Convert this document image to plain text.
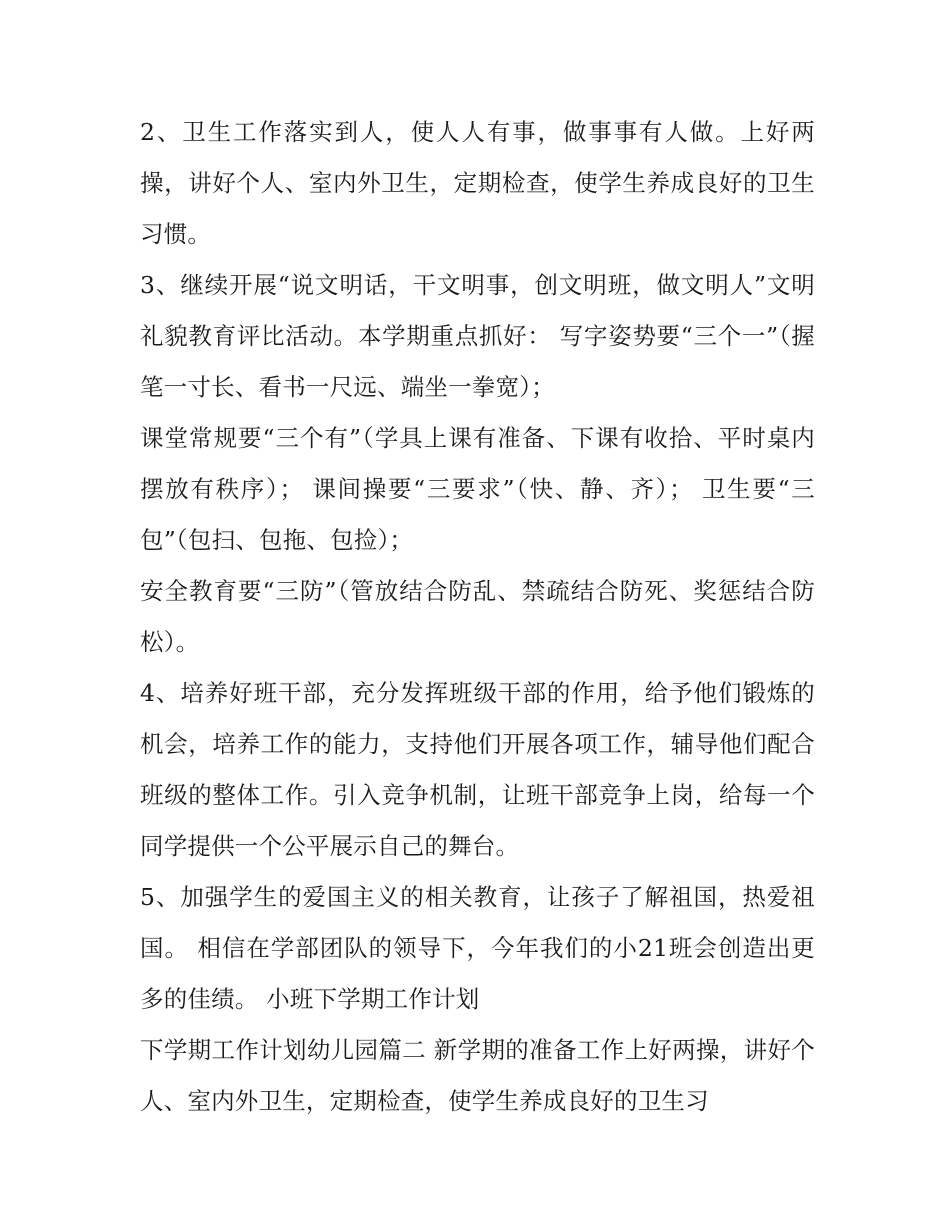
2、卫生工作落实到人，使人人有事，做事事有人做。上好两操，讲好个人、室内外卫生，定期检查，使学生养成良好的卫生习惯。

3、继续开展“说文明话，干文明事，创文明班，做文明人”文明礼貌教育评比活动。本学期重点抓好： 写字姿势要“三个一”（握笔一寸长、看书一尺远、端坐一拳宽）；

课堂常规要“三个有”（学具上课有准备、下课有收拾、平时桌内摆放有秩序）； 课间操要“三要求”（快、静、齐）； 卫生要“三包”（包扫、包拖、包捡）；

安全教育要“三防”（管放结合防乱、禁疏结合防死、奖惩结合防松）。

4、培养好班干部，充分发挥班级干部的作用，给予他们锻炼的机会，培养工作的能力，支持他们开展各项工作，辅导他们配合班级的整体工作。引入竞争机制，让班干部竞争上岗，给每一个同学提供一个公平展示自己的舞台。

5、加强学生的爱国主义的相关教育，让孩子了解祖国，热爱祖国。 相信在学部团队的领导下，今年我们的小21班会创造出更多的佳绩。 小班下学期工作计划

下学期工作计划幼儿园篇二 新学期的准备工作上好两操，讲好个人、室内外卫生，定期检查，使学生养成良好的卫生习
